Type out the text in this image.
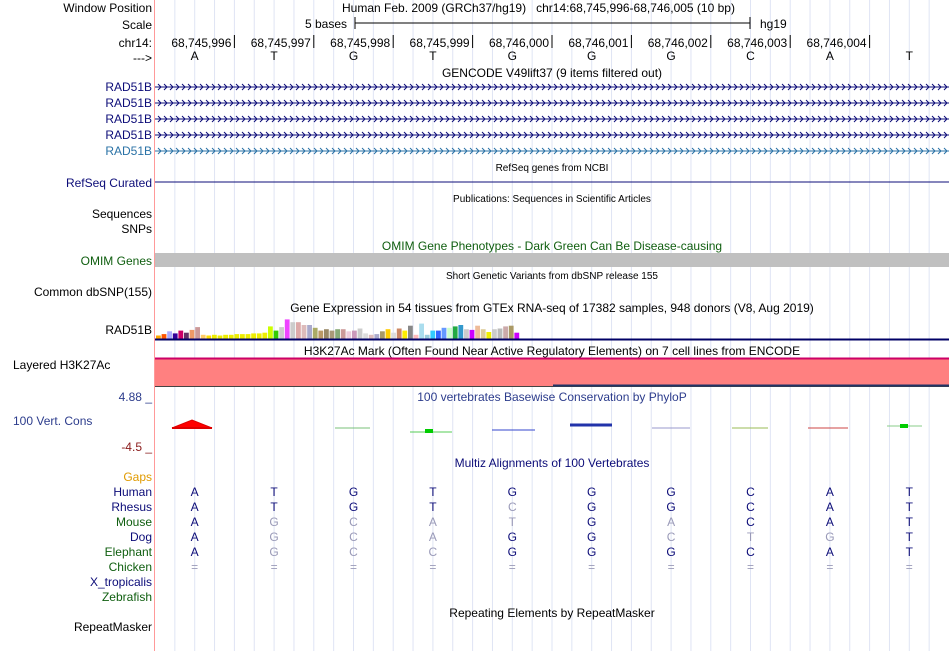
Window Position	Human Feb. 2009 (GRCh37/hg19) chr14:68,745,996-68,746,005 (10 bp)
Scale	5 bases	hg19
chr14: 68,745,996 68,745,997 68,745,998 68,745,999 68,746,000 68,746,001 68,746,002 68,746,003 68,746,004
--->	A	T	G	T	G	G	G	C	A	T
GENCODE V49lift37 (9 items filtered out)
RAD51B
RAD51B
RAD51B
RAD51B
RAD51B
RefSeq genes from NCBI
RefSeq Curated
Publications: Sequences in Scientific Articles
Sequences
SNPs
OMIM Gene Phenotypes - Dark Green Can Be Disease-causing
OMIM Genes
Short Genetic Variants from dbSNP release 155
Common dbSNP(155)
Gene Expression in 54 tissues from GTEx RNA-seq of 17382 samples, 948 donors (V8, Aug 2019)
RAD51B
H3K27Ac Mark (Often Found Near Active Regulatory Elements) on 7 cell lines from ENCODE
Layered H3K27Ac
4.88 _	100 vertebrates Basewise Conservation by PhyloP
100 Vert. Cons
-4.5 _
Multiz Alignments of 100 Vertebrates
Gaps
Human	A	T	G	T	G	G	G	C	A	T
Rhesus	A	T	G	T	C	G	G	C	A	T
Mouse	A	G	C	A	T	G	A	C	A	T
Dog	A	G	C	A	G	G	C	T	G	T
Elephant	A	G	C	C	G	G	G	C	A	T
Chicken	=	=	=	=	=	=	=	=	=	=
X_tropicalis
Zebrafish
Repeating Elements by RepeatMasker
RepeatMasker
